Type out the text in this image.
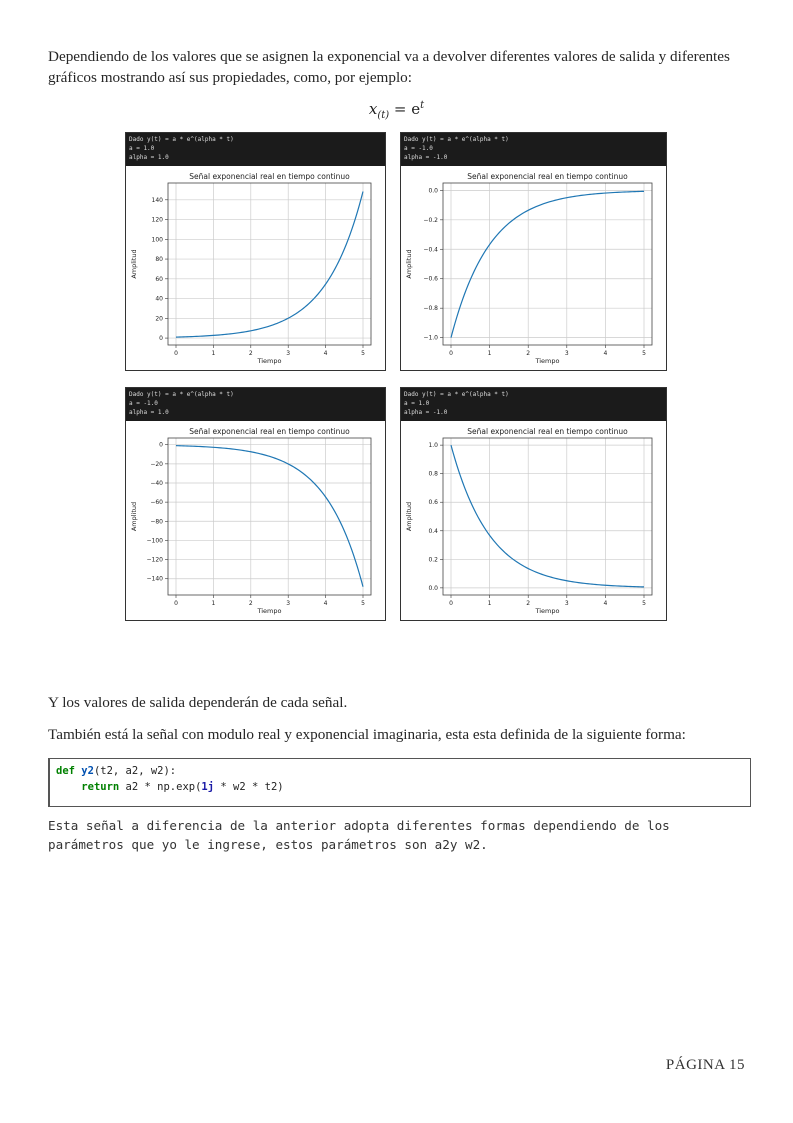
Dependiendo de los valores que se asignen la exponencial va a devolver diferentes valores de salida y diferentes gráficos mostrando así sus propiedades, como, por ejemplo:
$x_{(t)} = e^t$
Dado y(t) = a * e^(alpha * t)
a = 1.0
alpha = 1.0
Señal exponencial real en tiempo continuo
0	1	2	3	4	5
0
20
40
60
80
100
120
140
Tiempo
Amplitud
Dado y(t) = a * e^(alpha * t)
a = -1.0
alpha = -1.0
Señal exponencial real en tiempo continuo
0	1	2	3	4	5
0.0
−0.2
−0.4
−0.6
−0.8
−1.0
Tiempo
Amplitud
Dado y(t) = a * e^(alpha * t)
a = -1.0
alpha = 1.0
Señal exponencial real en tiempo continuo
0	1	2	3	4	5
0
−20
−40
−60
−80
−100
−120
−140
Tiempo
Amplitud
Dado y(t) = a * e^(alpha * t)
a = 1.0
alpha = -1.0
Señal exponencial real en tiempo continuo
0	1	2	3	4	5
0.0
0.2
0.4
0.6
0.8
1.0
Tiempo
Amplitud
Y los valores de salida dependerán de cada señal.
También está la señal con modulo real y exponencial imaginaria, esta esta definida de la siguiente forma:
def y2(t2, a2, w2):
return a2 * np.exp(1j * w2 * t2)
Esta señal a diferencia de la anterior adopta diferentes formas dependiendo de los
parámetros que yo le ingrese, estos parámetros son a2y w2.
PÁGINA 15
